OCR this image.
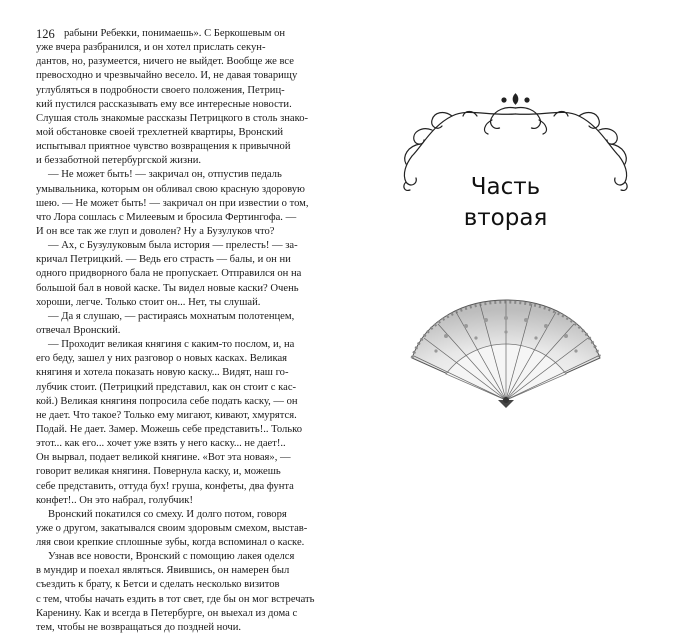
126 рабыни Ребекки, понимаешь». С Беркошевым он
уже вчера разбранился, и он хотел прислать секун-
дантов, но, разумеется, ничего не выйдет. Вообще же все
превосходно и чрезвычайно весело. И, не давая товарищу
углубляться в подробности своего положения, Петриц-
кий пустился рассказывать ему все интересные новости.
Слушая столь знакомые рассказы Петрицкого в столь знако-
мой обстановке своей трехлетней квартиры, Вронский
испытывал приятное чувство возвращения к привычной
и беззаботной петербургской жизни.
— Не может быть! — закричал он, отпустив педаль
умывальника, которым он обливал свою красную здоровую
шею. — Не может быть! — закричал он при известии о том,
что Лора сошлась с Милеевым и бросила Фертингофа. —
И он все так же глуп и доволен? Ну а Бузулуков что?
— Ах, с Бузулуковым была история — прелесть! — за-
кричал Петрицкий. — Ведь его страсть — балы, и он ни
одного придворного бала не пропускает. Отправился он на
большой бал в новой каске. Ты видел новые каски? Очень
хороши, легче. Только стоит он... Нет, ты слушай.
— Да я слушаю, — растираясь мохнатым полотенцем,
отвечал Вронский.
— Проходит великая княгиня с каким-то послом, и, на
его беду, зашел у них разговор о новых касках. Великая
княгиня и хотела показать новую каску... Видят, наш го-
лубчик стоит. (Петрицкий представил, как он стоит с кас-
кой.) Великая княгиня попросила себе подать каску, — он
не дает. Что такое? Только ему мигают, кивают, хмурятся.
Подай. Не дает. Замер. Можешь себе представить!.. Только
этот... как его... хочет уже взять у него каску... не дает!..
Он вырвал, подает великой княгине. «Вот эта новая», —
говорит великая княгиня. Повернула каску, и, можешь
себе представить, оттуда бух! груша, конфеты, два фунта
конфет!.. Он это набрал, голубчик!
Вронский покатился со смеху. И долго потом, говоря
уже о другом, закатывался своим здоровым смехом, выстав-
ляя свои крепкие сплошные зубы, когда вспоминал о каске.
Узнав все новости, Вронский с помощию лакея оделся
в мундир и поехал являться. Явившись, он намерен был
съездить к брату, к Бетси и сделать несколько визитов
с тем, чтобы начать ездить в тот свет, где бы он мог встречать
Каренину. Как и всегда в Петербурге, он выехал из дома с
тем, чтобы не возвращаться до поздней ночи.
Часть
вторая
